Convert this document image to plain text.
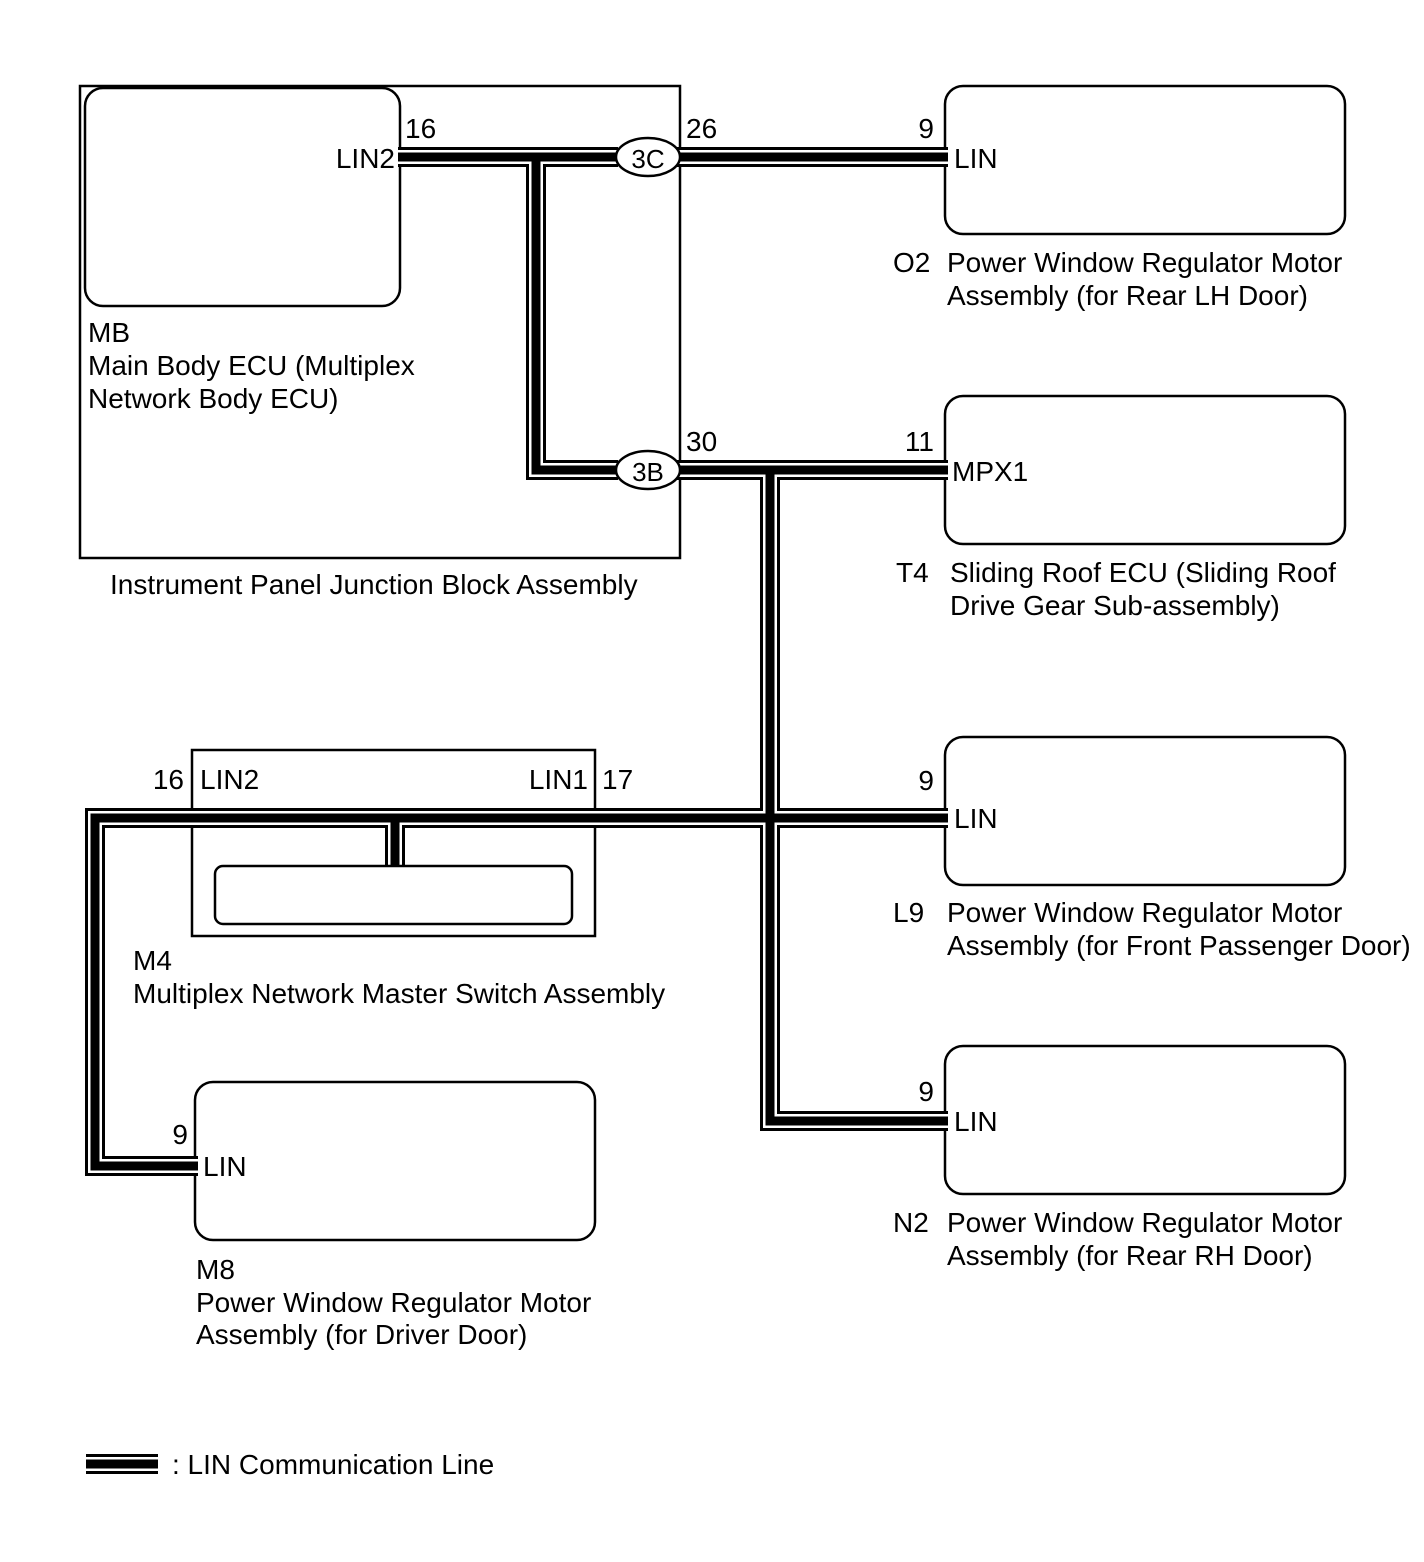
LIN2
16
3C
3B
26
30
MB
Main Body ECU (Multiplex
Network Body ECU)
Instrument Panel Junction Block Assembly
9
LIN
O2 Power Window Regulator Motor
Assembly (for Rear LH Door)
11
MPX1
T4 Sliding Roof ECU (Sliding Roof
Drive Gear Sub-assembly)
16 LIN2	LIN1 17
M4
Multiplex Network Master Switch Assembly
9
LIN
L9 Power Window Regulator Motor
Assembly (for Front Passenger Door)
9
LIN
N2 Power Window Regulator Motor
Assembly (for Rear RH Door)
9
LIN
M8
Power Window Regulator Motor
Assembly (for Driver Door)
: LIN Communication Line
